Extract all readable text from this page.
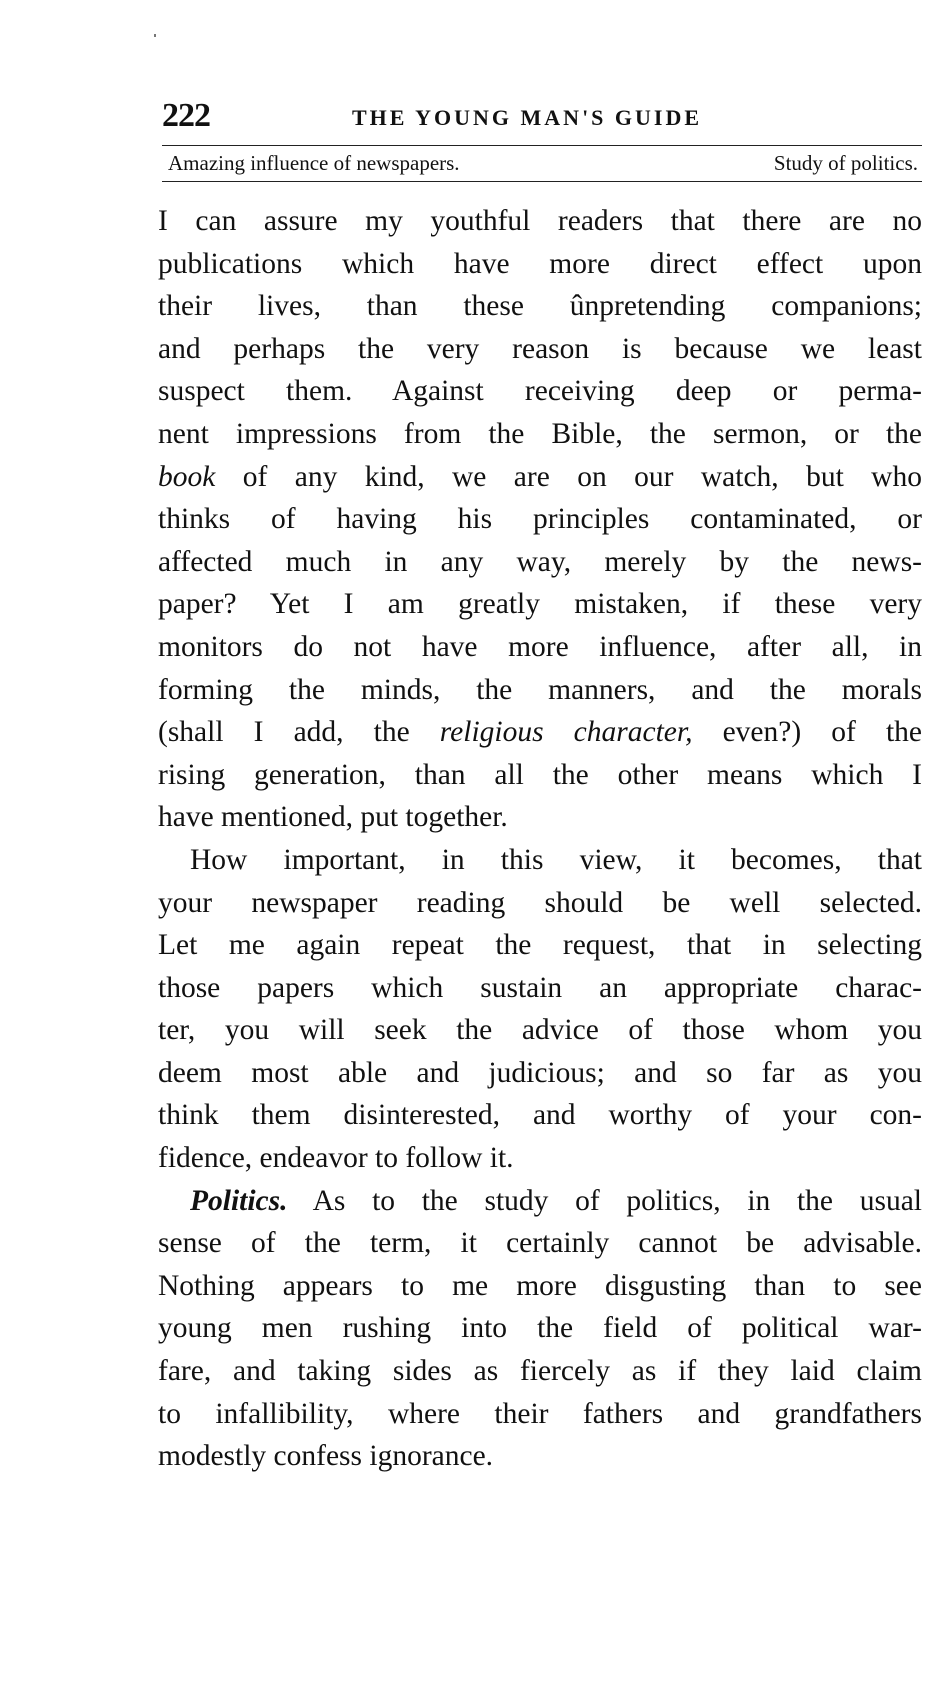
222	THE YOUNG MAN'S GUIDE
Amazing influence of newspapers.	Study of politics.
I can assure my youthful readers that there are no
publications which have more direct effect upon
their lives, than these ûnpretending companions;
and perhaps the very reason is because we least
suspect them. Against receiving deep or perma-
nent impressions from the Bible, the sermon, or the
book of any kind, we are on our watch, but who
thinks of having his principles contaminated, or
affected much in any way, merely by the news-
paper? Yet I am greatly mistaken, if these very
monitors do not have more influence, after all, in
forming the minds, the manners, and the morals
(shall I add, the religious character, even?) of the
rising generation, than all the other means which I
have mentioned, put together.
How important, in this view, it becomes, that
your newspaper reading should be well selected.
Let me again repeat the request, that in selecting
those papers which sustain an appropriate charac-
ter, you will seek the advice of those whom you
deem most able and judicious; and so far as you
think them disinterested, and worthy of your con-
fidence, endeavor to follow it.
Politics. As to the study of politics, in the usual
sense of the term, it certainly cannot be advisable.
Nothing appears to me more disgusting than to see
young men rushing into the field of political war-
fare, and taking sides as fiercely as if they laid claim
to infallibility, where their fathers and grandfathers
modestly confess ignorance.
